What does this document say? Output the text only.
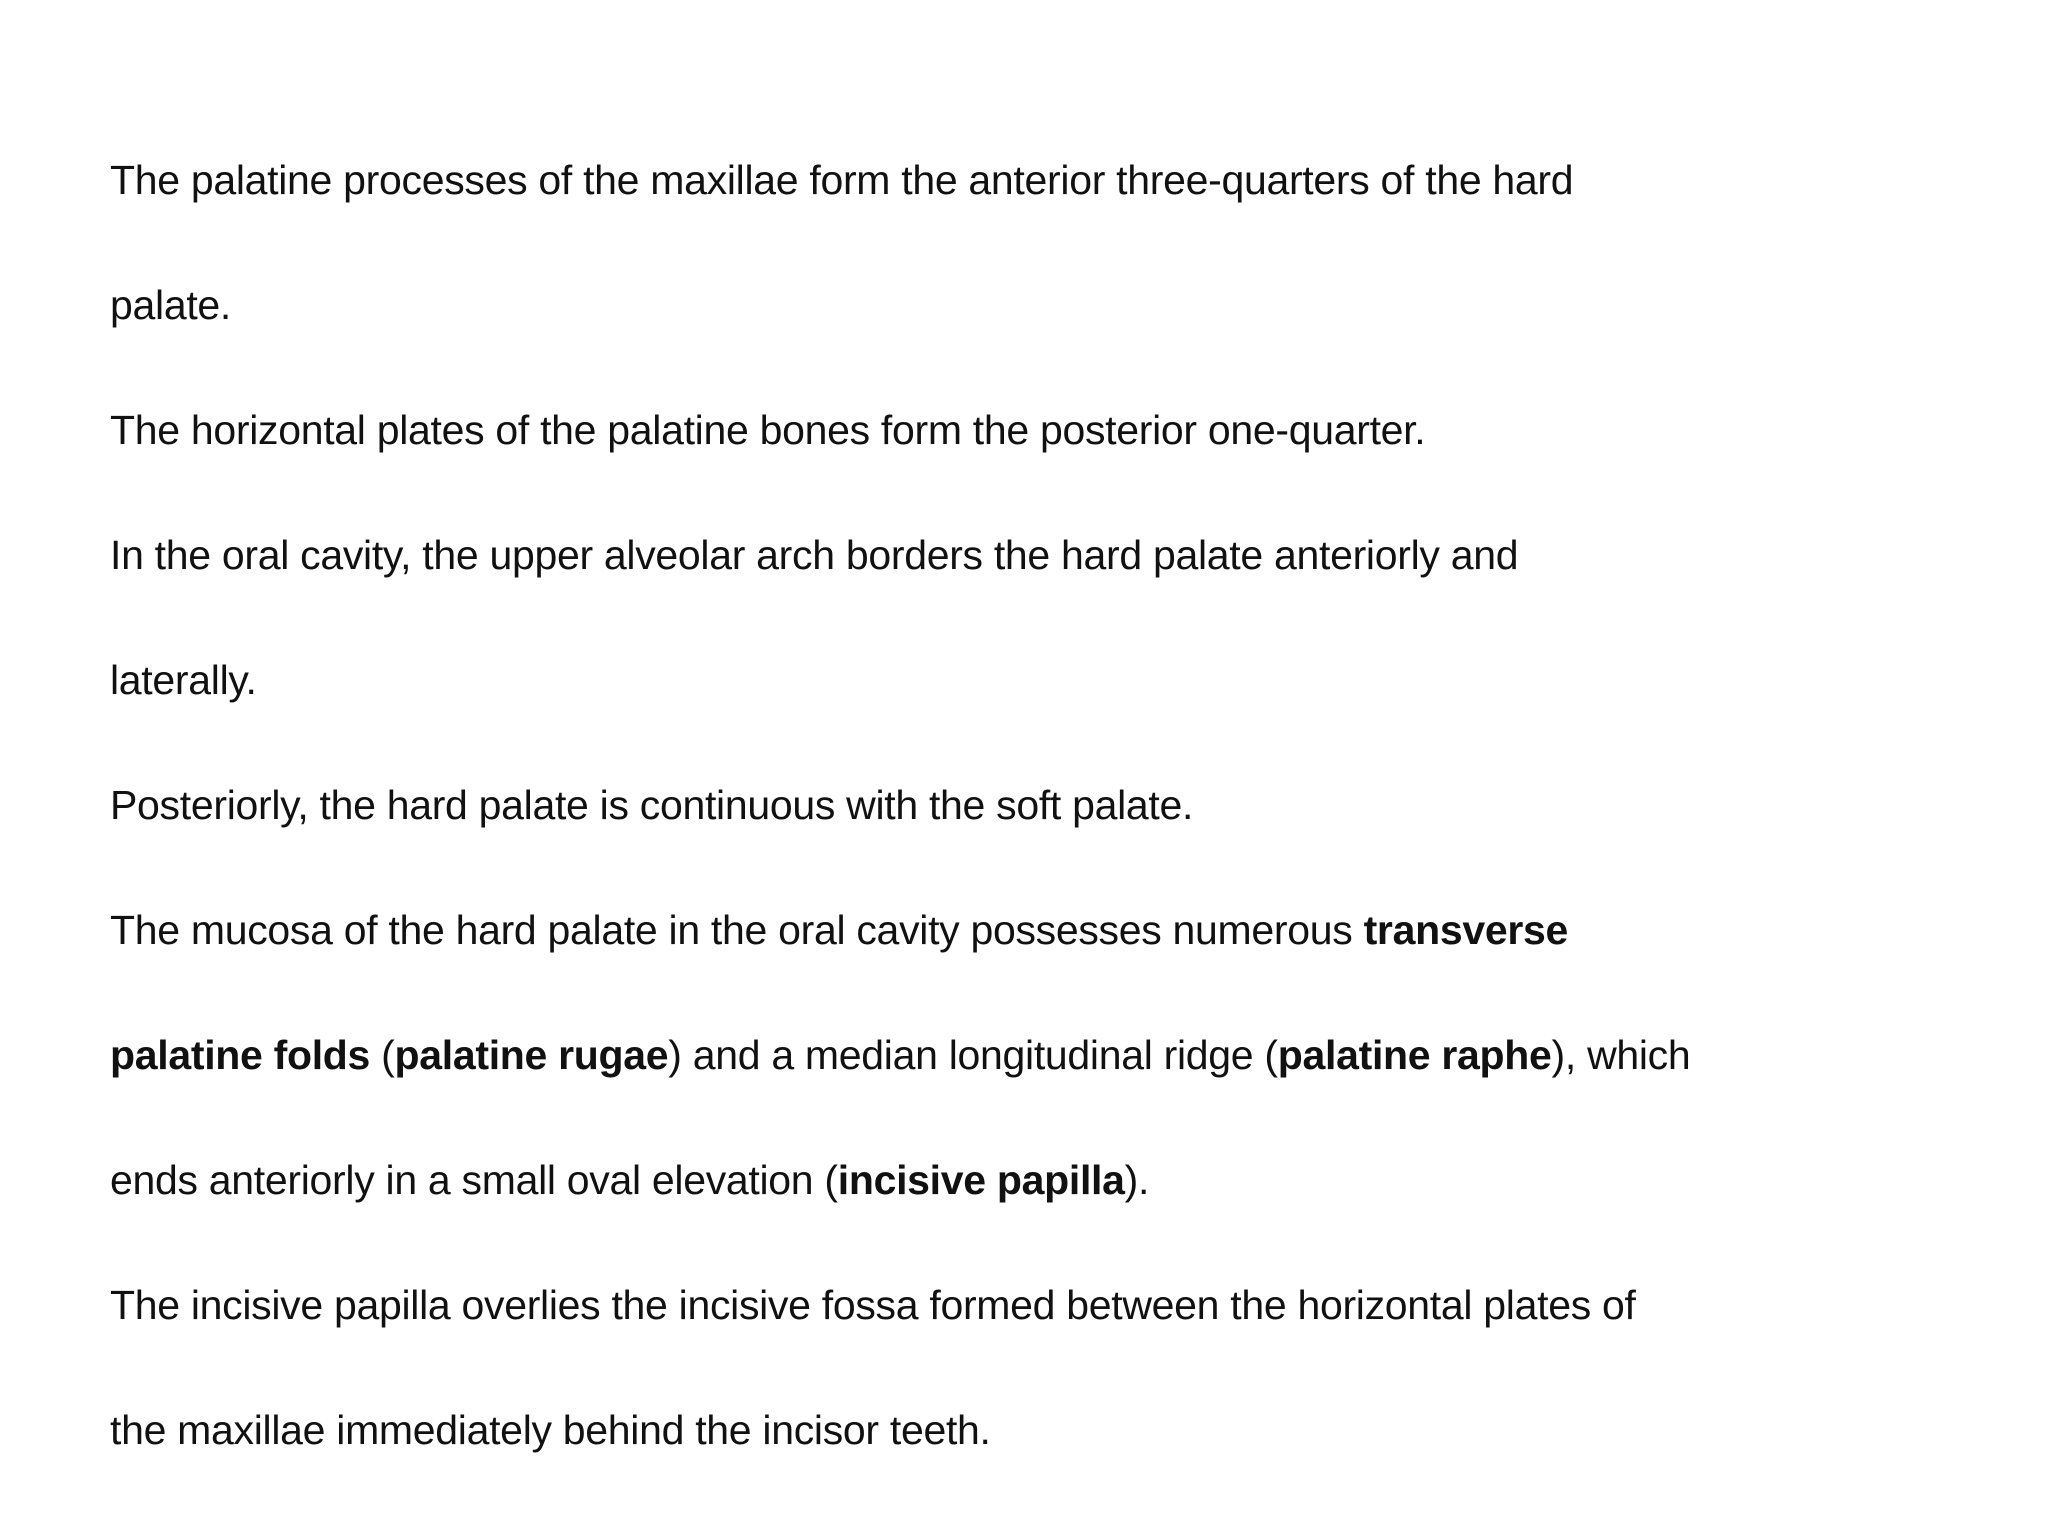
The palatine processes of the maxillae form the anterior three-quarters of the hard
palate.

The horizontal plates of the palatine bones form the posterior one-quarter.

In the oral cavity, the upper alveolar arch borders the hard palate anteriorly and
laterally.

Posteriorly, the hard palate is continuous with the soft palate.

The mucosa of the hard palate in the oral cavity possesses numerous transverse
palatine folds (palatine rugae) and a median longitudinal ridge (palatine raphe), which
ends anteriorly in a small oval elevation (incisive papilla).

The incisive papilla overlies the incisive fossa formed between the horizontal plates of
the maxillae immediately behind the incisor teeth.
